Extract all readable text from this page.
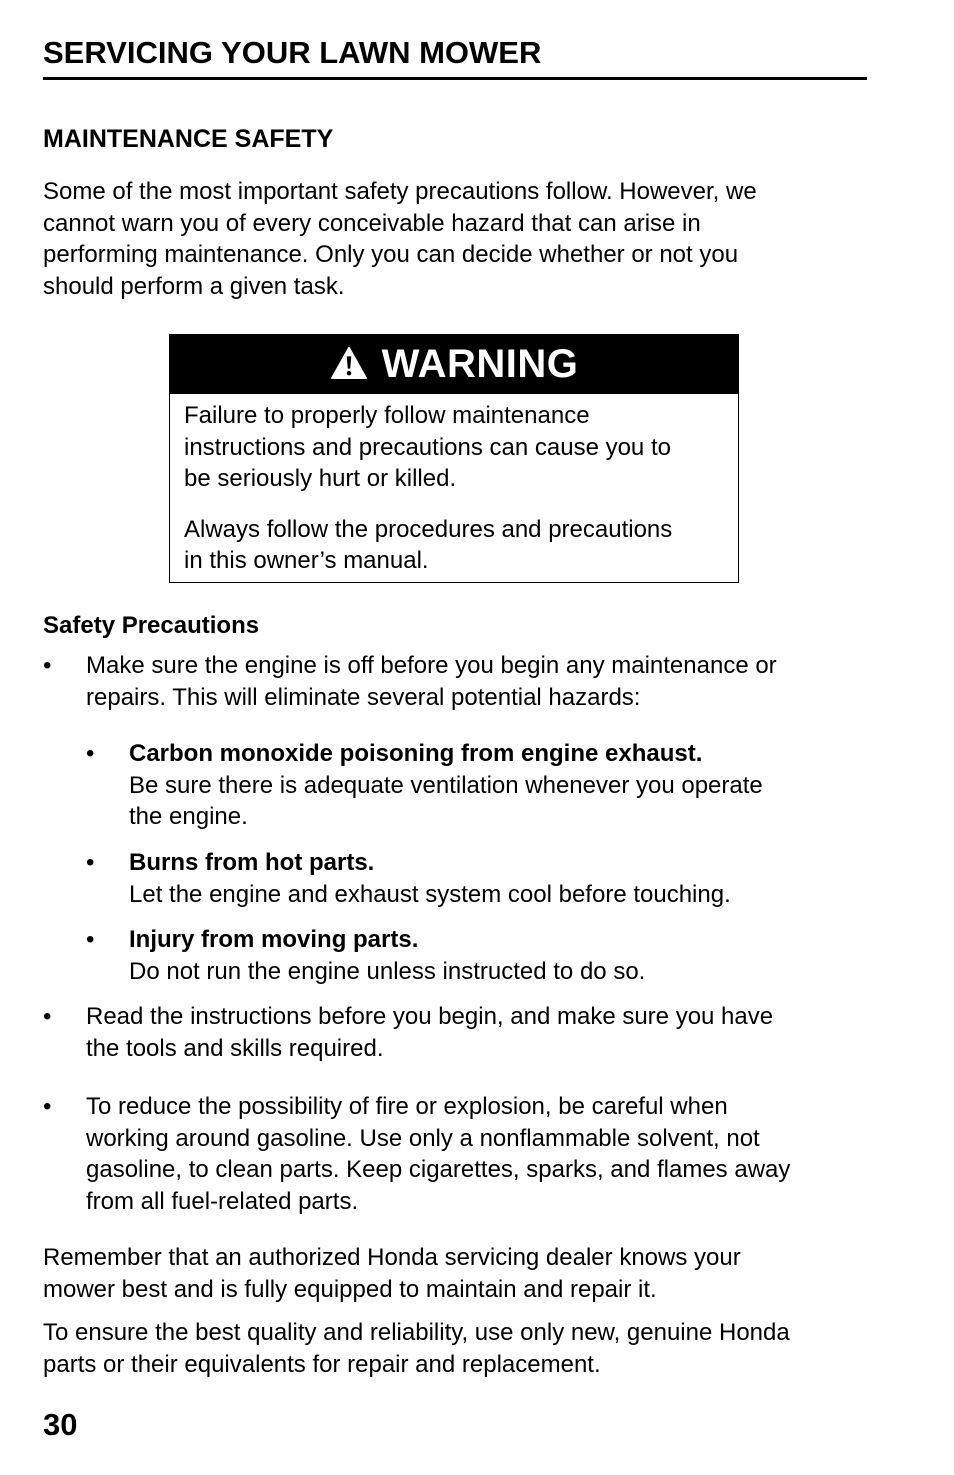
SERVICING YOUR LAWN MOWER
MAINTENANCE SAFETY

Some of the most important safety precautions follow. However, we
cannot warn you of every conceivable hazard that can arise in
performing maintenance. Only you can decide whether or not you
should perform a given task.

WARNING

Failure to properly follow maintenance
instructions and precautions can cause you to
be seriously hurt or killed.

Always follow the procedures and precautions
in this owner’s manual.

Safety Precautions
• Make sure the engine is off before you begin any maintenance or
repairs. This will eliminate several potential hazards:
• Carbon monoxide poisoning from engine exhaust.
Be sure there is adequate ventilation whenever you operate
the engine.
• Burns from hot parts.
Let the engine and exhaust system cool before touching.
• Injury from moving parts.
Do not run the engine unless instructed to do so.
• Read the instructions before you begin, and make sure you have
the tools and skills required.
• To reduce the possibility of fire or explosion, be careful when
working around gasoline. Use only a nonflammable solvent, not
gasoline, to clean parts. Keep cigarettes, sparks, and flames away
from all fuel-related parts.

Remember that an authorized Honda servicing dealer knows your
mower best and is fully equipped to maintain and repair it.

To ensure the best quality and reliability, use only new, genuine Honda
parts or their equivalents for repair and replacement.

30
